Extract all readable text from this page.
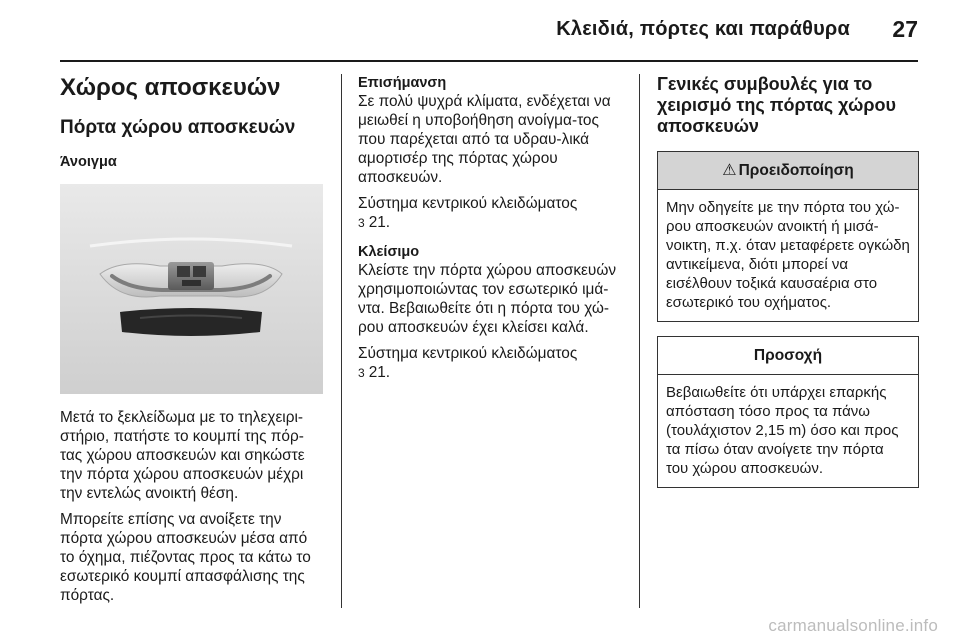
Κλειδιά, πόρτες και παράθυρα 27
Χώρος αποσκευών
Πόρτα χώρου αποσκευών
Άνοιγμα

Μετά το ξεκλείδωμα με το τηλεχειρι-στήριο, πατήστε το κουμπί της πόρ-τας χώρου αποσκευών και σηκώστε την πόρτα χώρου αποσκευών μέχρι την εντελώς ανοικτή θέση.

Μπορείτε επίσης να ανοίξετε την πόρτα χώρου αποσκευών μέσα από το όχημα, πιέζοντας προς τα κάτω το εσωτερικό κουμπί απασφάλισης της πόρτας.

Επισήμανση

Σε πολύ ψυχρά κλίματα, ενδέχεται να μειωθεί η υποβοήθηση ανοίγμα-τος που παρέχεται από τα υδραυ-λικά αμορτισέρ της πόρτας χώρου αποσκευών.

Σύστημα κεντρικού κλειδώματος
3 21.

Κλείσιμο

Κλείστε την πόρτα χώρου αποσκευών χρησιμοποιώντας τον εσωτερικό ιμά-ντα. Βεβαιωθείτε ότι η πόρτα του χώ-ρου αποσκευών έχει κλείσει καλά.

Σύστημα κεντρικού κλειδώματος
3 21.

Γενικές συμβουλές για το χειρισμό της πόρτας χώρου αποσκευών
⚠ Προειδοποίηση
Μην οδηγείτε με την πόρτα του χώ-ρου αποσκευών ανοικτή ή μισά-νοικτη, π.χ. όταν μεταφέρετε ογκώδη αντικείμενα, διότι μπορεί να εισέλθουν τοξικά καυσαέρια στο εσωτερικό του οχήματος.
Προσοχή
Βεβαιωθείτε ότι υπάρχει επαρκής απόσταση τόσο προς τα πάνω (τουλάχιστον 2,15 m) όσο και προς τα πίσω όταν ανοίγετε την πόρτα του χώρου αποσκευών.
carmanualsonline.info
